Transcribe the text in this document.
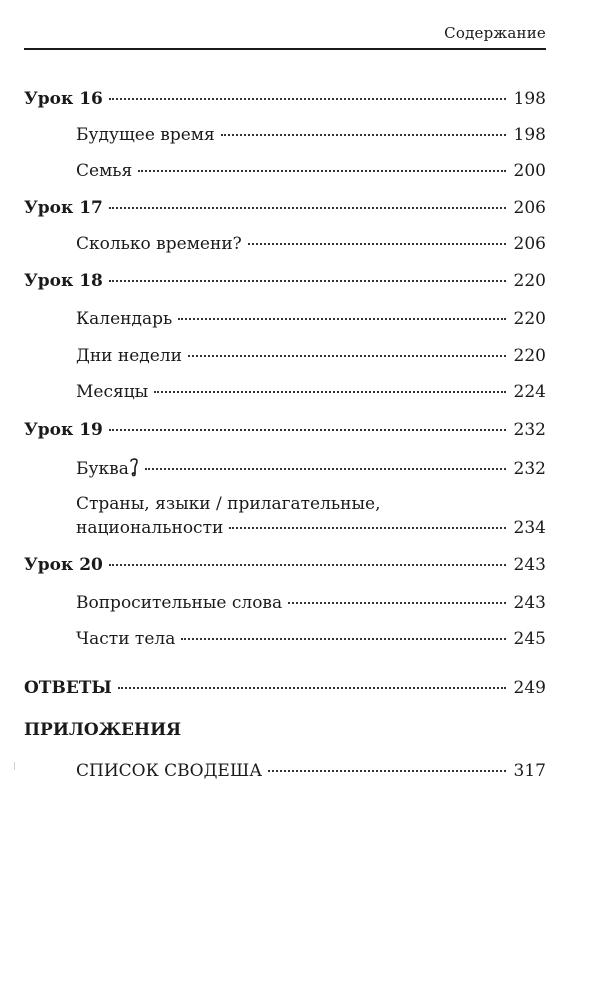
Содержание
Урок 16	198
Будущее время	198
Семья	200
Урок 17	206
Сколько времени?	206
Урок 18	220
Календарь	220
Дни недели	220
Месяцы	224
Урок 19	232
Буква	232
Страны, языки / прилагательные,
национальности	234
Урок 20	243
Вопросительные слова	243
Части тела	245
ОТВЕТЫ	249
ПРИЛОЖЕНИЯ
СПИСОК СВОДЕША	317
